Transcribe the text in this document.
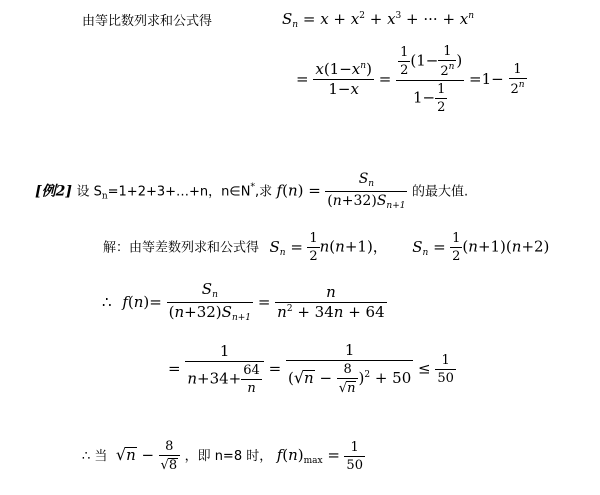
由等比数列求和公式得	$S_n = x + x^2 + x^3$ + ··· + $x^n$
= $\frac{x(1-x^n)}{1-x} = \frac{\frac{1}{2} (1- \frac{1}{2^n} )}{1- \frac{1}{2}} =1- \frac{1}{2^n}$
[例2] 设 $S_n=1+2+3+\dots+n$，n∈N*,求 $f(n) = \frac{S_n}{(n+32)S_{n+1}}$ 的最大值.
解：由等差数列求和公式得 $S_n = \frac{1}{2} n(n+1)$， $S_n = \frac{1}{2} (n+1)(n+2)$
∴ $f(n)= \frac{S_n}{(n+32)S_{n+1}} = \frac{n}{n^2 + 34n + 64}$
= $\frac{1}{n+34+ \frac{64}{n}} = \frac{1}{(√n - \frac{8}{√n} )^2 + 50} \le \frac{1}{50}$
∴ 当 $√n - \frac{8}{√8}$ ，即 n=8 时， $f(n)_{max} = \frac{1}{50}$
